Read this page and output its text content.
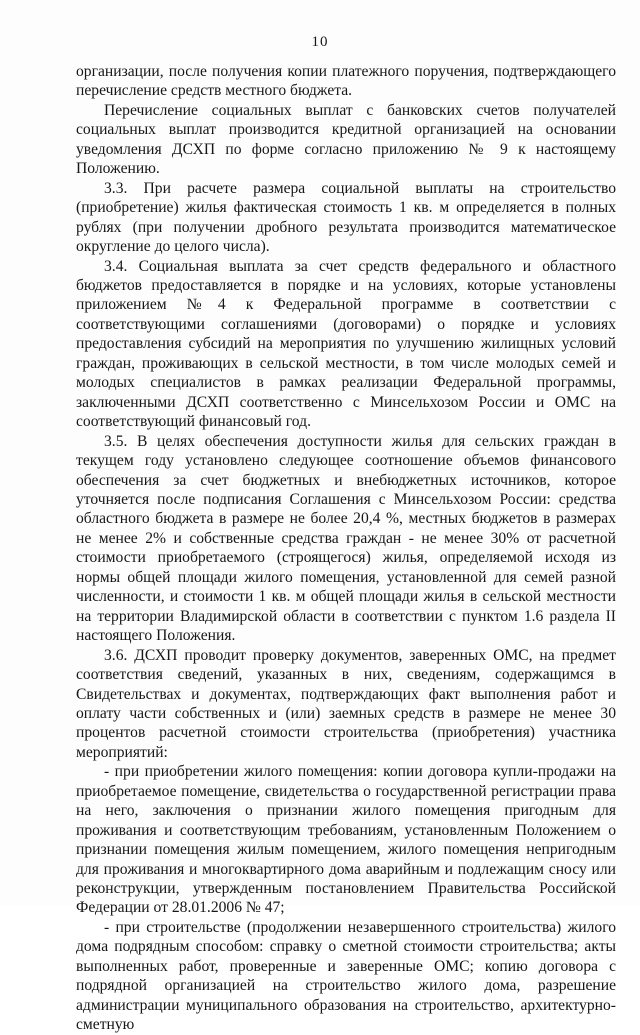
10

организации, после получения копии платежного поручения, подтверждающего перечисление средств местного бюджета.

Перечисление социальных выплат с банковских счетов получателей социальных выплат производится кредитной организацией на основании уведомления ДСХП по форме согласно приложению № 9 к настоящему Положению.

3.3. При расчете размера социальной выплаты на строительство (приобретение) жилья фактическая стоимость 1 кв. м определяется в полных рублях (при получении дробного результата производится математическое округление до целого числа).

3.4. Социальная выплата за счет средств федерального и областного бюджетов предоставляется в порядке и на условиях, которые установлены приложением №4 к Федеральной программе в соответствии с соответствующими соглашениями (договорами) о порядке и условиях предоставления субсидий на мероприятия по улучшению жилищных условий граждан, проживающих в сельской местности, в том числе молодых семей и молодых специалистов в рамках реализации Федеральной программы, заключенными ДСХП соответственно с Минсельхозом России и ОМС на соответствующий финансовый год.

3.5. В целях обеспечения доступности жилья для сельских граждан в текущем году установлено следующее соотношение объемов финансового обеспечения за счет бюджетных и внебюджетных источников, которое уточняется после подписания Соглашения с Минсельхозом России: средства областного бюджета в размере не более 20,4 %, местных бюджетов в размерах не менее 2% и собственные средства граждан - не менее 30% от расчетной стоимости приобретаемого (строящегося) жилья, определяемой исходя из нормы общей площади жилого помещения, установленной для семей разной численности, и стоимости 1 кв. м общей площади жилья в сельской местности на территории Владимирской области в соответствии с пунктом 1.6 раздела II настоящего Положения.

3.6. ДСХП проводит проверку документов, заверенных ОМС, на предмет соответствия сведений, указанных в них, сведениям, содержащимся в Свидетельствах и документах, подтверждающих факт выполнения работ и оплату части собственных и (или) заемных средств в размере не менее 30 процентов расчетной стоимости строительства (приобретения) участника мероприятий:

- при приобретении жилого помещения: копии договора купли-продажи на приобретаемое помещение, свидетельства о государственной регистрации права на него, заключения о признании жилого помещения пригодным для проживания и соответствующим требованиям, установленным Положением о признании помещения жилым помещением, жилого помещения непригодным для проживания и многоквартирного дома аварийным и подлежащим сносу или реконструкции, утвержденным постановлением Правительства Российской Федерации от 28.01.2006 № 47;

- при строительстве (продолжении незавершенного строительства) жилого дома подрядным способом: справку о сметной стоимости строительства; акты выполненных работ, проверенные и заверенные ОМС; копию договора с подрядной организацией на строительство жилого дома, разрешение администрации муниципального образования на строительство, архитектурно-сметную
